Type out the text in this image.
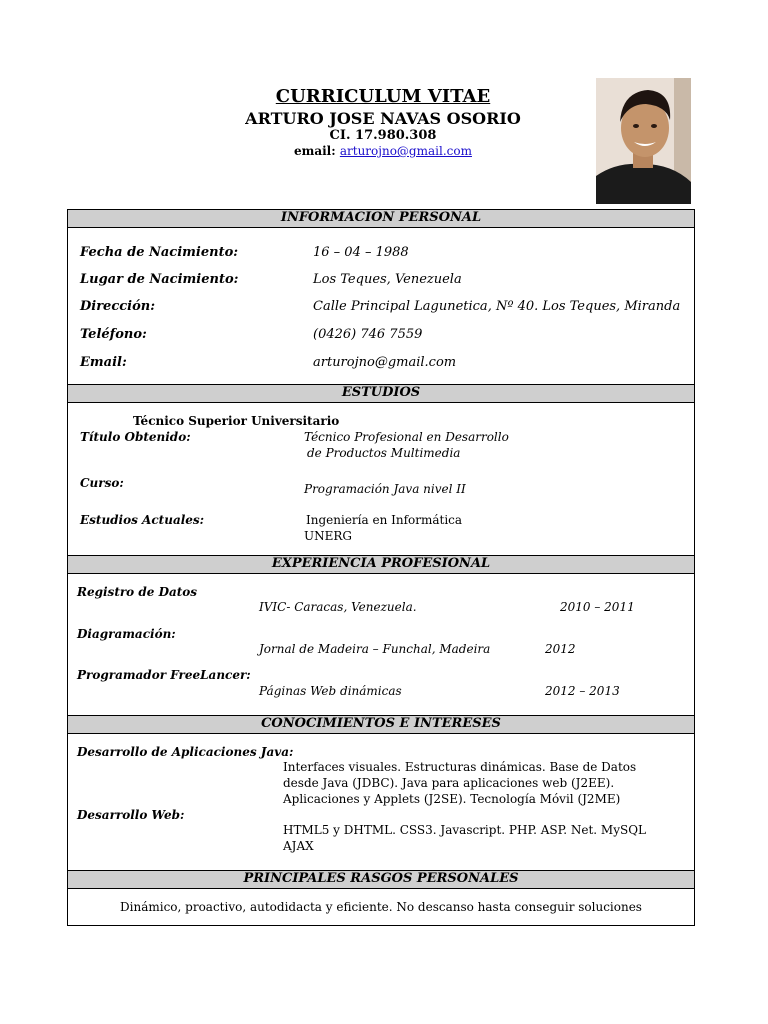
CURRICULUM VITAE
ARTURO JOSE NAVAS OSORIO
CI. 17.980.308
email: arturojno@gmail.com
INFORMACION PERSONAL
Fecha de Nacimiento:	16 – 04 – 1988
Lugar de Nacimiento:	Los Teques, Venezuela
Dirección:	Calle Principal Lagunetica, Nº 40. Los Teques, Miranda
Teléfono:	(0426) 746 7559
Email:	arturojno@gmail.com
ESTUDIOS
Técnico Superior Universitario
Título Obtenido:	Técnico Profesional en Desarrollo
de Productos Multimedia
Curso:	Programación Java nivel II
Estudios Actuales:	Ingeniería en Informática
UNERG
EXPERIENCIA PROFESIONAL
Registro de Datos
IVIC- Caracas, Venezuela.	2010 – 2011
Diagramación:
Jornal de Madeira – Funchal, Madeira	2012
Programador FreeLancer:
Páginas Web dinámicas	2012 – 2013
CONOCIMIENTOS E INTERESES
Desarrollo de Aplicaciones Java:
Interfaces visuales. Estructuras dinámicas. Base de Datos
desde Java (JDBC). Java para aplicaciones web (J2EE).
Aplicaciones y Applets (J2SE). Tecnología Móvil (J2ME)
Desarrollo Web:
HTML5 y DHTML. CSS3. Javascript. PHP. ASP. Net. MySQL
AJAX
PRINCIPALES RASGOS PERSONALES
Dinámico, proactivo, autodidacta y eficiente. No descanso hasta conseguir soluciones
